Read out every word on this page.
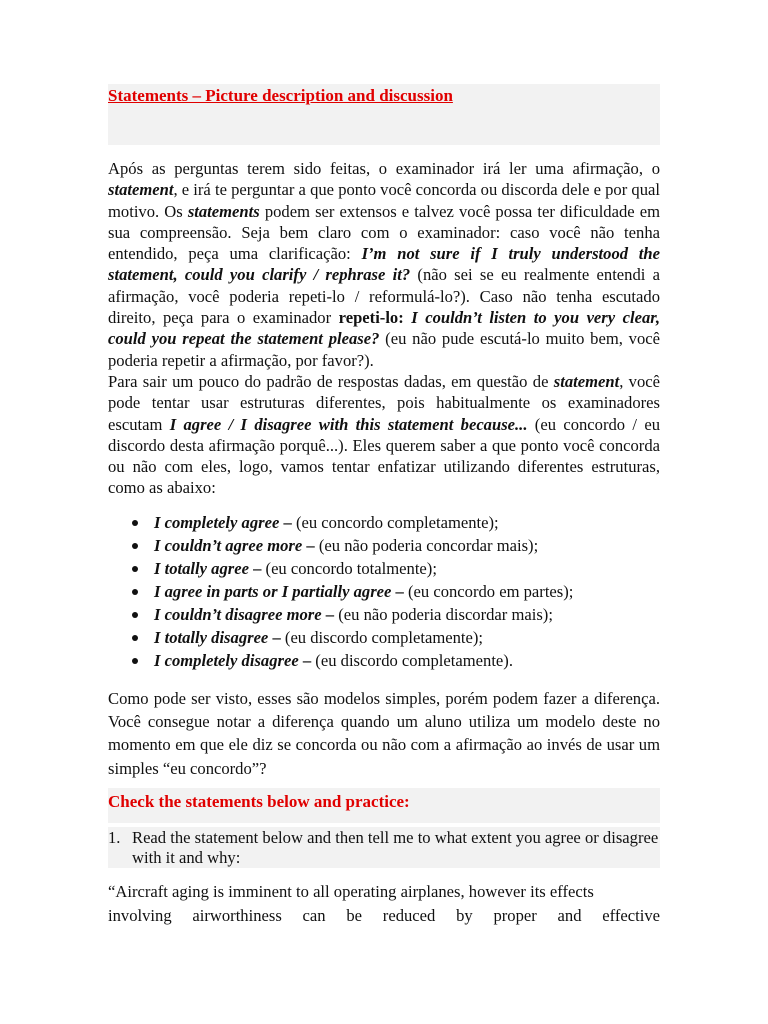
Statements – Picture description and discussion

Após as perguntas terem sido feitas, o examinador irá ler uma afirmação, o statement, e irá te perguntar a que ponto você concorda ou discorda dele e por qual motivo. Os statements podem ser extensos e talvez você possa ter dificuldade em sua compreensão. Seja bem claro com o examinador: caso você não tenha entendido, peça uma clarificação: I’m not sure if I truly understood the statement, could you clarify / rephrase it? (não sei se eu realmente entendi a afirmação, você poderia repeti-lo / reformulá-lo?). Caso não tenha escutado direito, peça para o examinador repeti-lo: I couldn’t listen to you very clear, could you repeat the statement please? (eu não pude escutá-lo muito bem, você poderia repetir a afirmação, por favor?).

Para sair um pouco do padrão de respostas dadas, em questão de statement, você pode tentar usar estruturas diferentes, pois habitualmente os examinadores escutam I agree / I disagree with this statement because... (eu concordo / eu discordo desta afirmação porquê...). Eles querem saber a que ponto você concorda ou não com eles, logo, vamos tentar enfatizar utilizando diferentes estruturas, como as abaixo:

I completely agree – (eu concordo completamente);
I couldn’t agree more – (eu não poderia concordar mais);
I totally agree – (eu concordo totalmente);
I agree in parts or I partially agree – (eu concordo em partes);
I couldn’t disagree more – (eu não poderia discordar mais);
I totally disagree – (eu discordo completamente);
I completely disagree – (eu discordo completamente).

Como pode ser visto, esses são modelos simples, porém podem fazer a diferença. Você consegue notar a diferença quando um aluno utiliza um modelo deste no momento em que ele diz se concorda ou não com a afirmação ao invés de usar um simples “eu concordo”?

Check the statements below and practice:
1. Read the statement below and then tell me to what extent you agree or disagree with it and why:
“Aircraft aging is imminent to all operating airplanes, however its effects
involving airworthiness can be reduced by proper and effective
